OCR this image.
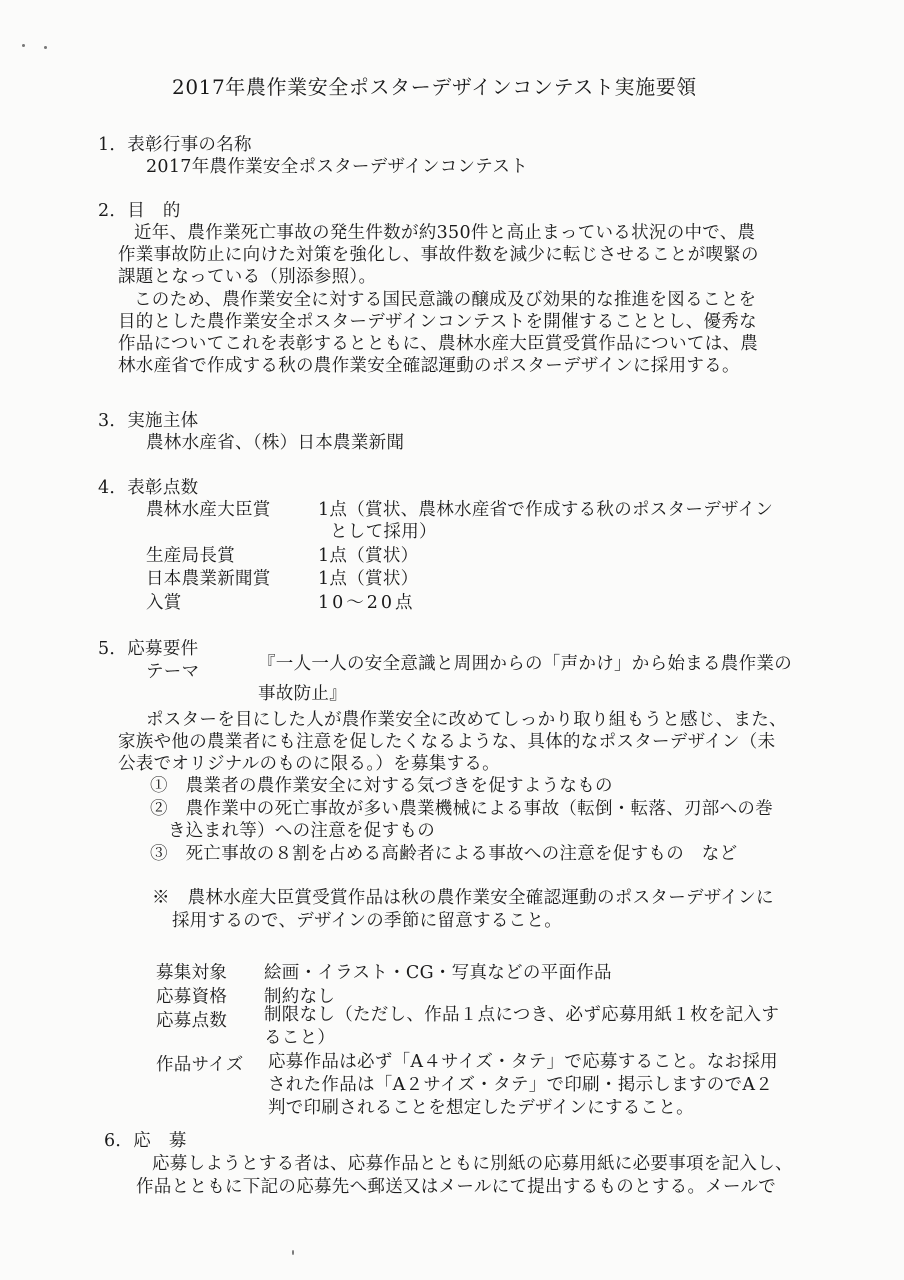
2017年農作業安全ポスターデザインコンテスト実施要領
1．表彰行事の名称
2017年農作業安全ポスターデザインコンテスト
2．目　的
近年、農作業死亡事故の発生件数が約350件と高止まっている状況の中で、農
作業事故防止に向けた対策を強化し、事故件数を減少に転じさせることが喫緊の
課題となっている（別添参照）。
このため、農作業安全に対する国民意識の醸成及び効果的な推進を図ることを
目的とした農作業安全ポスターデザインコンテストを開催することとし、優秀な
作品についてこれを表彰するとともに、農林水産大臣賞受賞作品については、農
林水産省で作成する秋の農作業安全確認運動のポスターデザインに採用する。
3．実施主体
農林水産省、（株）日本農業新聞
4．表彰点数
農林水産大臣賞	1点（賞状、農林水産省で作成する秋のポスターデザイン
として採用）
生産局長賞	1点（賞状）
日本農業新聞賞	1点（賞状）
入賞	10～20点
5．応募要件
テーマ	『一人一人の安全意識と周囲からの「声かけ」から始まる農作業の
事故防止』
ポスターを目にした人が農作業安全に改めてしっかり取り組もうと感じ、また、
家族や他の農業者にも注意を促したくなるような、具体的なポスターデザイン（未
公表でオリジナルのものに限る。）を募集する。
①　農業者の農作業安全に対する気づきを促すようなもの
②　農作業中の死亡事故が多い農業機械による事故（転倒・転落、刃部への巻
き込まれ等）への注意を促すもの
③　死亡事故の８割を占める高齢者による事故への注意を促すもの　など
※　農林水産大臣賞受賞作品は秋の農作業安全確認運動のポスターデザインに
採用するので、デザインの季節に留意すること。
募集対象 絵画・イラスト・CG・写真などの平面作品
応募資格 制約なし
応募点数 制限なし（ただし、作品１点につき、必ず応募用紙１枚を記入す
ること）
作品サイズ 応募作品は必ず「A４サイズ・タテ」で応募すること。なお採用
された作品は「A２サイズ・タテ」で印刷・掲示しますのでA２
判で印刷されることを想定したデザインにすること。
6．応　募
応募しようとする者は、応募作品とともに別紙の応募用紙に必要事項を記入し、
作品とともに下記の応募先へ郵送又はメールにて提出するものとする。メールで
